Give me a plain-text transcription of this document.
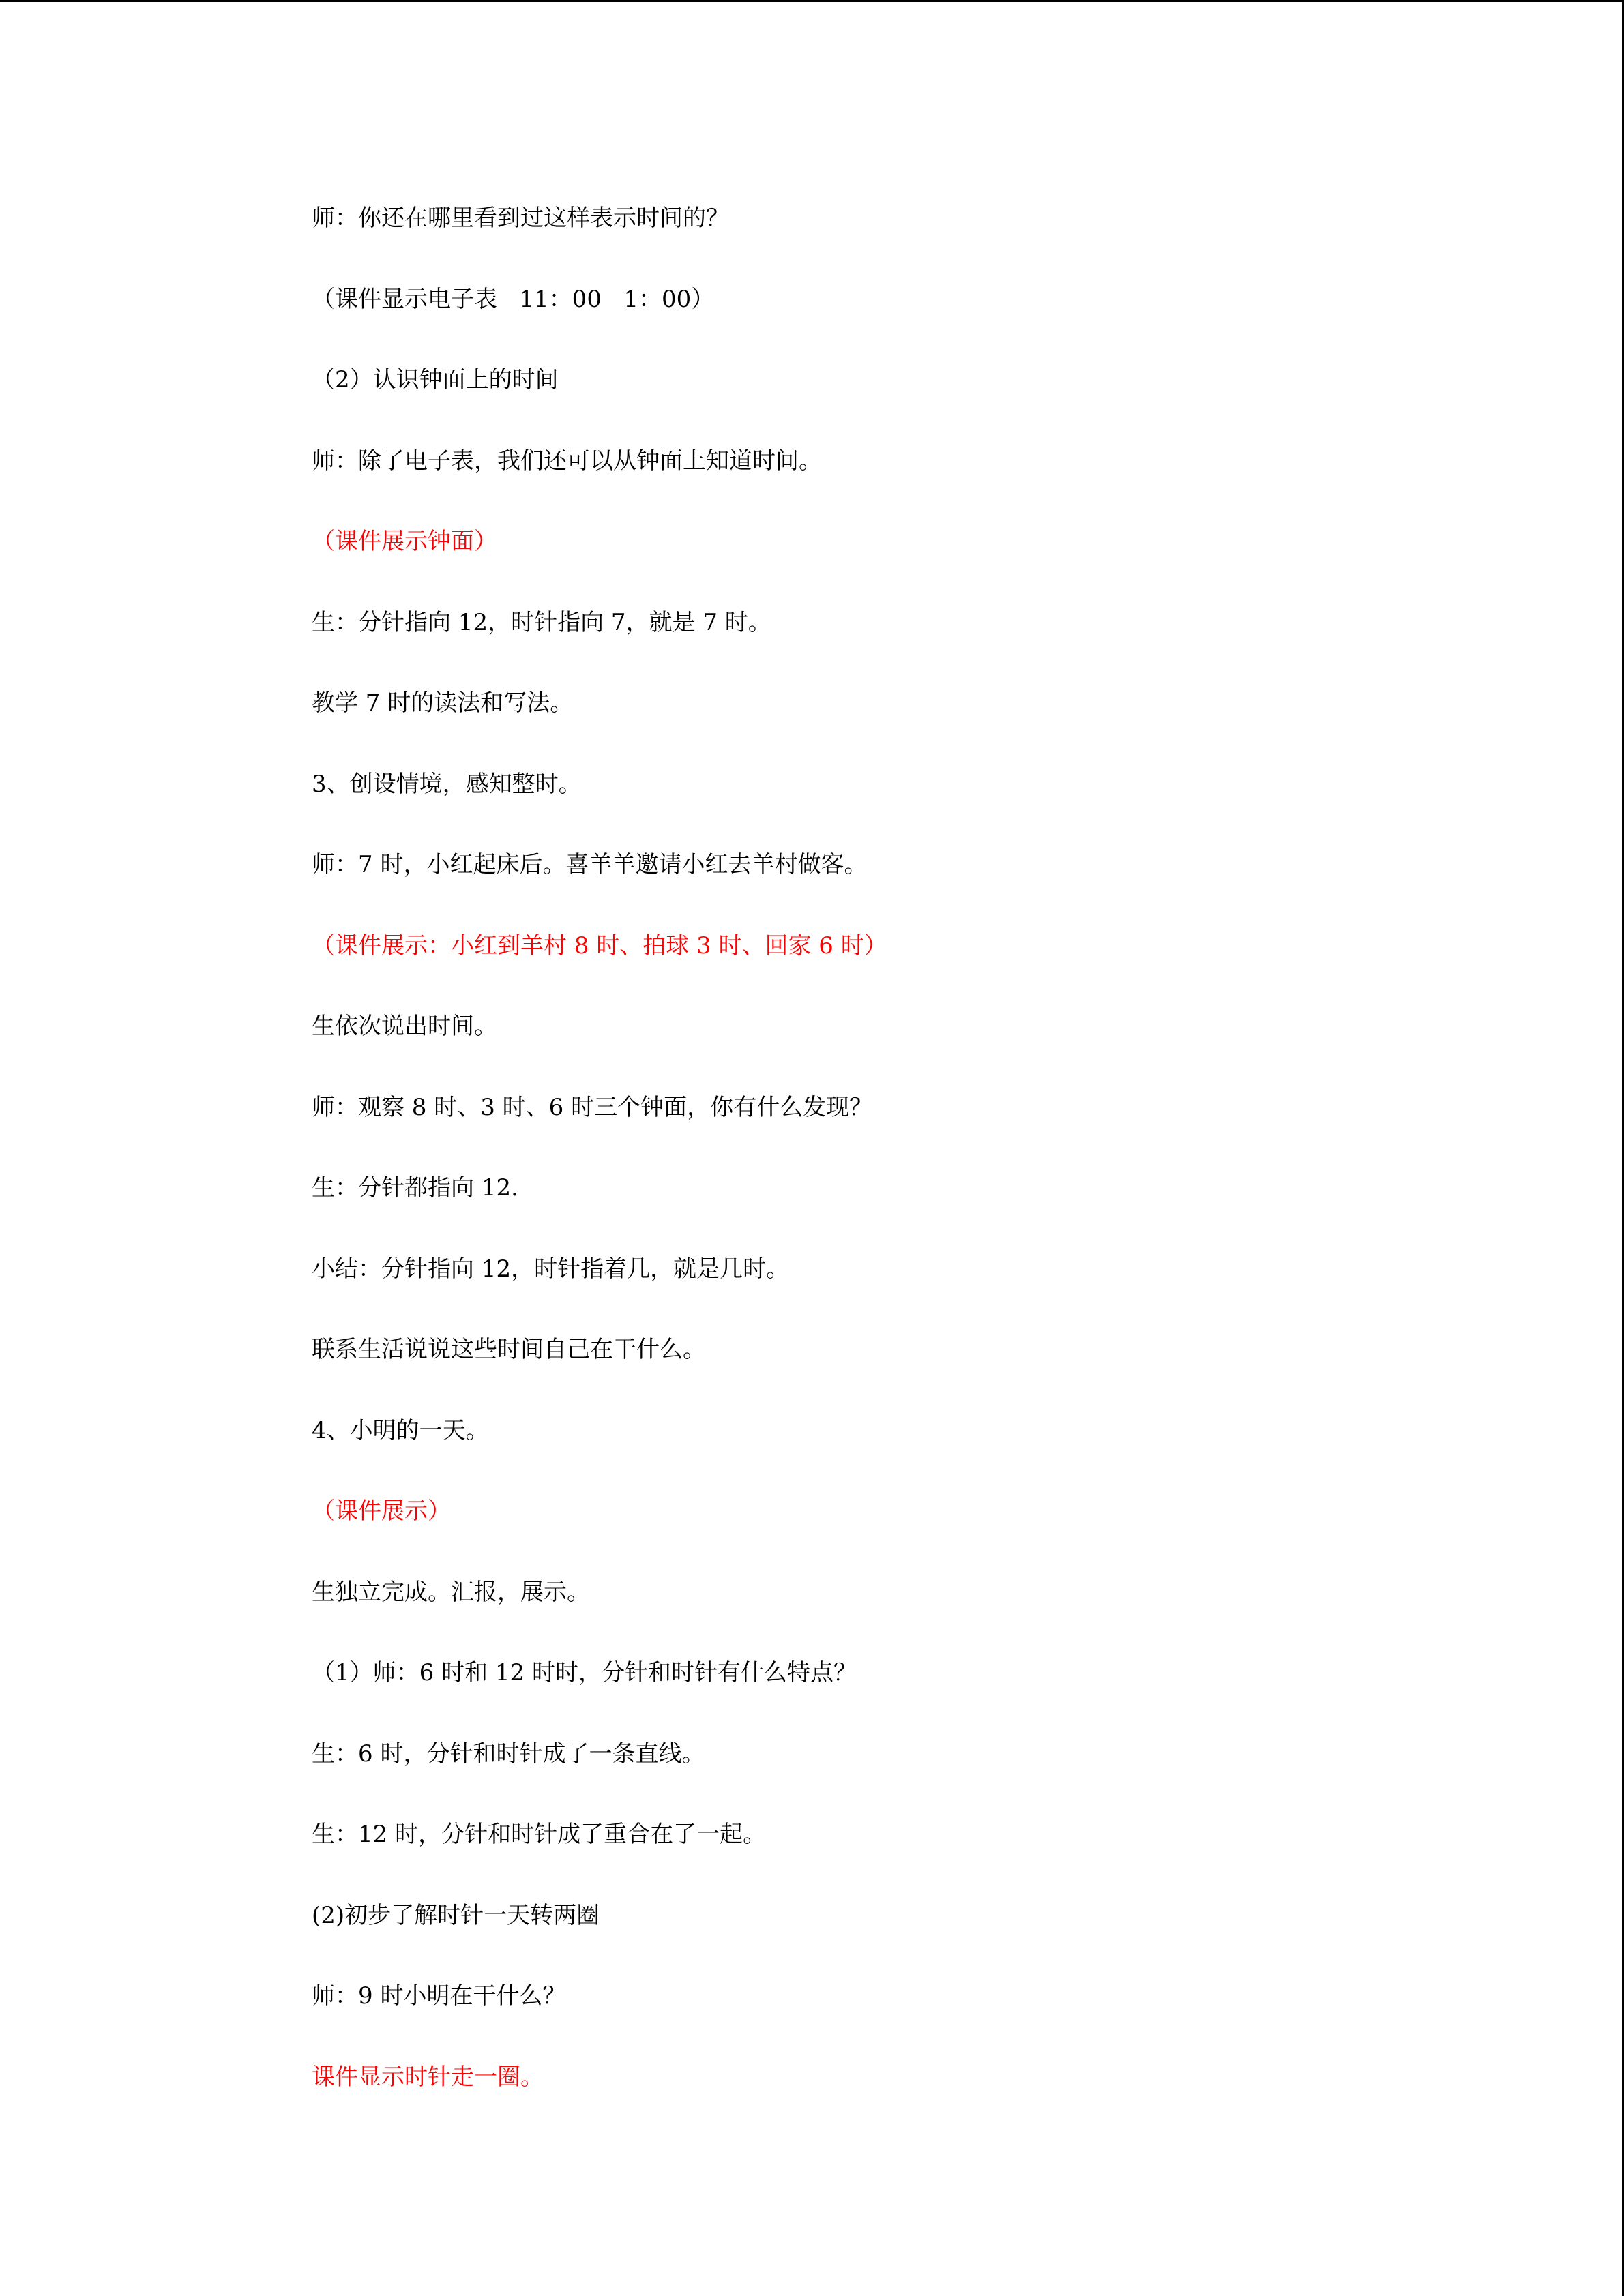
师：你还在哪里看到过这样表示时间的？

（课件显示电子表   11：00   1：00）

（2）认识钟面上的时间

师：除了电子表，我们还可以从钟面上知道时间。

（课件展示钟面）

生：分针指向 12，时针指向 7，就是 7 时。

教学 7 时的读法和写法。

3、创设情境，感知整时。

师：7 时，小红起床后。喜羊羊邀请小红去羊村做客。

（课件展示：小红到羊村 8 时、拍球 3 时、回家 6 时）

生依次说出时间。

师：观察 8 时、3 时、6 时三个钟面，你有什么发现？

生：分针都指向 12.

小结：分针指向 12，时针指着几，就是几时。

联系生活说说这些时间自己在干什么。

4、小明的一天。

（课件展示）

生独立完成。汇报，展示。

（1）师：6 时和 12 时时，分针和时针有什么特点？

生：6 时，分针和时针成了一条直线。

生：12 时，分针和时针成了重合在了一起。

(2)初步了解时针一天转两圈

师：9 时小明在干什么？

课件显示时针走一圈。
